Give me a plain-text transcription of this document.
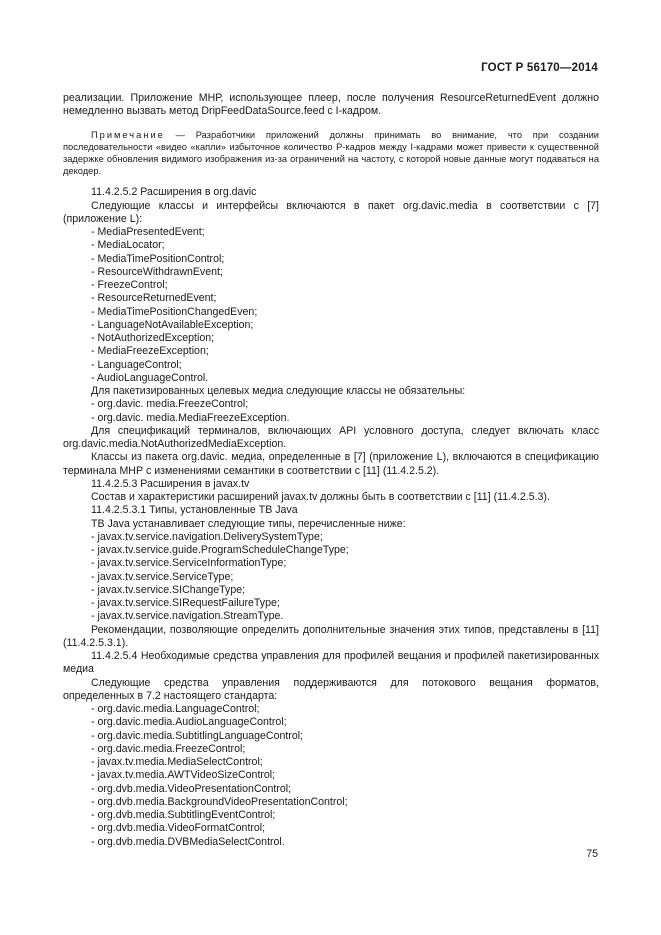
ГОСТ Р 56170—2014

реализации. Приложение МНР, использующее плеер, после получения ResourceReturnedEvent должно немедленно вызвать метод DripFeedDataSource.feed с I-кадром.

Примечание — Разработчики приложений должны принимать во внимание, что при создании последовательности «видео «капли» избыточное количество Р-кадров между I-кадрами может привести к существенной задержке обновления видимого изображения из-за ограничений на частоту, с которой новые данные могут подаваться на декодер.

11.4.2.5.2 Расширения в org.davic

Следующие классы и интерфейсы включаются в пакет org.davic.media в соответствии с [7] (приложение L):

- MediaPresentedEvent;

- MediaLocator;

- MediaTimePositionControl;

- ResourceWithdrawnEvent;

- FreezeControl;

- ResourceReturnedEvent;

- MediaTimePositionChangedEven;

- LanguageNotAvailableException;

- NotAuthorizedException;

- MediaFreezeException;

- LanguageControl;

- AudioLanguageControl.

Для пакетизированных целевых медиа следующие классы не обязательны:

- org.davic. media.FreezeControl;

- org.davic. media.MediaFreezeException.

Для спецификаций терминалов, включающих API условного доступа, следует включать класс org.davic.media.NotAuthorizedMediaException.

Классы из пакета org.davic. медиа, определенные в [7] (приложение L), включаются в спецификацию терминала МНР с изменениями семантики в соответствии с [11] (11.4.2.5.2).

11.4.2.5.3 Расширения в javax.tv

Состав и характеристики расширений javax.tv должны быть в соответствии с [11] (11.4.2.5.3).

11.4.2.5.3.1 Типы, установленные ТВ Java

ТВ Java устанавливает следующие типы, перечисленные ниже:

- javax.tv.service.navigation.DeliverySystemType;

- javax.tv.service.guide.ProgramScheduleChangeType;

- javax.tv.service.ServiceInformationType;

- javax.tv.service.ServiceType;

- javax.tv.service.SIChangeType;

- javax.tv.service.SIRequestFailureType;

- javax.tv.service.navigation.StreamType.

Рекомендации, позволяющие определить дополнительные значения этих типов, представлены в [11] (11.4.2.5.3.1).

11.4.2.5.4 Необходимые средства управления для профилей вещания и профилей пакетизированных медиа

Следующие средства управления поддерживаются для потокового вещания форматов, определенных в 7.2 настоящего стандарта:

- org.davic.media.LanguageControl;

- org.davic.media.AudioLanguageControl;

- org.davic.media.SubtitlingLanguageControl;

- org.davic.media.FreezeControl;

- javax.tv.media.MediaSelectControl;

- javax.tv.media.AWTVideoSizeControl;

- org.dvb.media.VideoPresentationControl;

- org.dvb.media.BackgroundVideoPresentationControl;

- org.dvb.media.SubtitlingEventControl;

- org.dvb.media.VideoFormatControl;

- org.dvb.media.DVBMediaSelectControl.

75
